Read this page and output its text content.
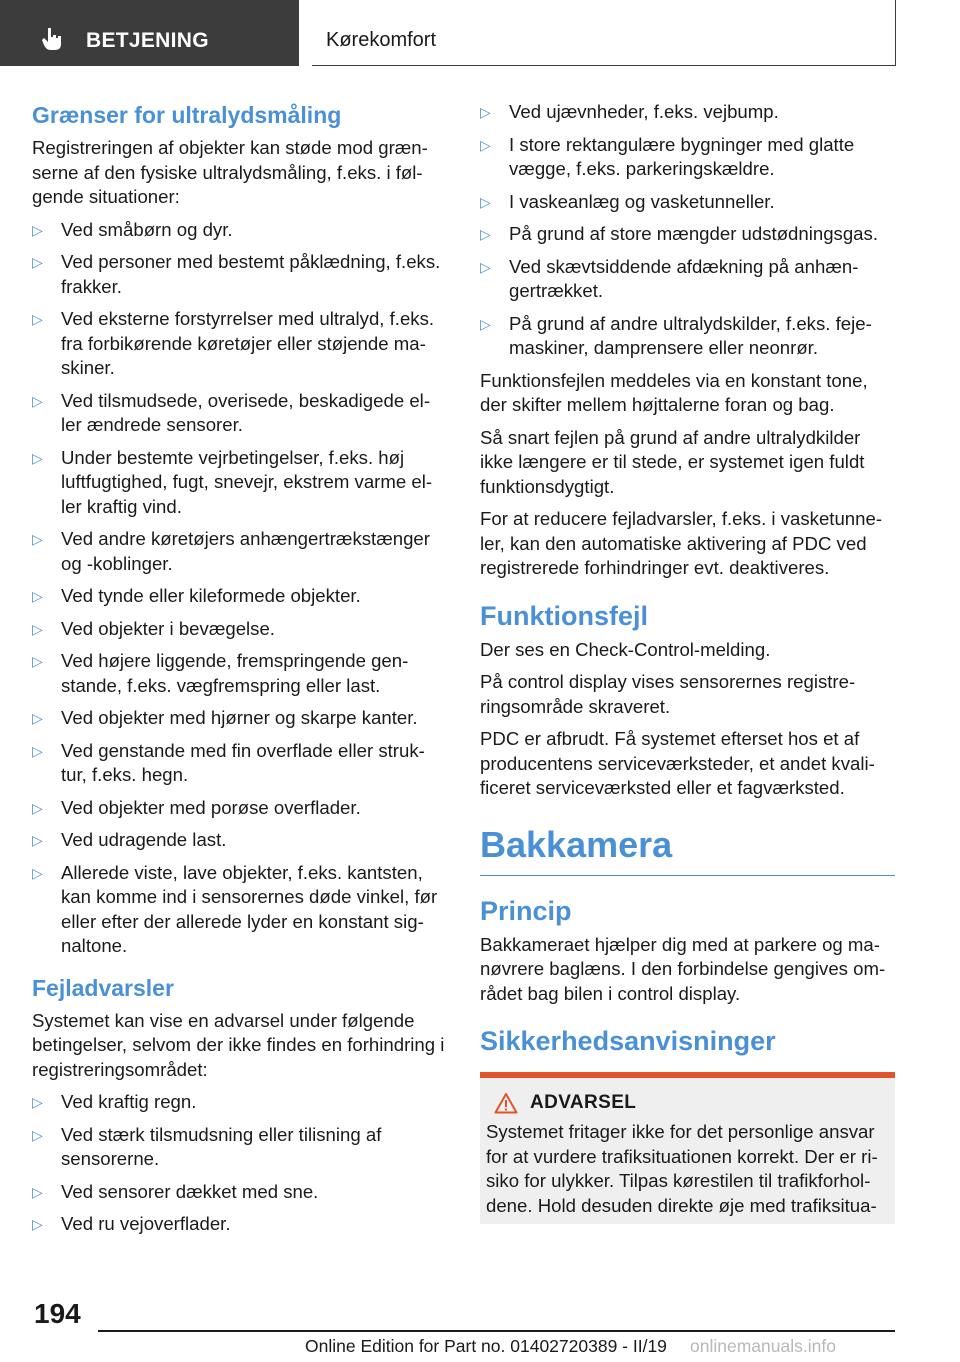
BETJENING	Kørekomfort
Grænser for ultralydsmåling
Registreringen af objekter kan støde mod græn-serne af den fysiske ultralydsmåling, f.eks. i føl-gende situationer:
▷ Ved småbørn og dyr.
▷ Ved personer med bestemt påklædning, f.eks. frakker.
▷ Ved eksterne forstyrrelser med ultralyd, f.eks. fra forbikørende køretøjer eller støjende ma-skiner.
▷ Ved tilsmudsede, overisede, beskadigede el-ler ændrede sensorer.
▷ Under bestemte vejrbetingelser, f.eks. høj luftfugtighed, fugt, snevejr, ekstrem varme el-ler kraftig vind.
▷ Ved andre køretøjers anhængertrækstænger og -koblinger.
▷ Ved tynde eller kileformede objekter.
▷ Ved objekter i bevægelse.
▷ Ved højere liggende, fremspringende gen-stande, f.eks. vægfremspring eller last.
▷ Ved objekter med hjørner og skarpe kanter.
▷ Ved genstande med fin overflade eller struk-tur, f.eks. hegn.
▷ Ved objekter med porøse overflader.
▷ Ved udragende last.
▷ Allerede viste, lave objekter, f.eks. kantsten, kan komme ind i sensorernes døde vinkel, før eller efter der allerede lyder en konstant sig-naltone.
Fejladvarsler
Systemet kan vise en advarsel under følgende betingelser, selvom der ikke findes en forhindring i registreringsområdet:
▷ Ved kraftig regn.
▷ Ved stærk tilsmudsning eller tilisning af sensorerne.
▷ Ved sensorer dækket med sne.
▷ Ved ru vejoverflader.
▷ Ved ujævnheder, f.eks. vejbump.
▷ I store rektangulære bygninger med glatte vægge, f.eks. parkeringskældre.
▷ I vaskeanlæg og vasketunneller.
▷ På grund af store mængder udstødningsgas.
▷ Ved skævtsiddende afdækning på anhæn-gertrækket.
▷ På grund af andre ultralydskilder, f.eks. feje-maskiner, damprensere eller neonrør.
Funktionsfejlen meddeles via en konstant tone, der skifter mellem højttalerne foran og bag.
Så snart fejlen på grund af andre ultralydkilder ikke længere er til stede, er systemet igen fuldt funktionsdygtigt.
For at reducere fejladvarsler, f.eks. i vasketunne-ler, kan den automatiske aktivering af PDC ved registrerede forhindringer evt. deaktiveres.
Funktionsfejl
Der ses en Check-Control-melding.
På control display vises sensorernes registre-ringsområde skraveret.
PDC er afbrudt. Få systemet efterset hos et af producentens serviceværksteder, et andet kvali-ficeret serviceværksted eller et fagværksted.
Bakkamera
Princip
Bakkameraet hjælper dig med at parkere og ma-nøvrere baglæns. I den forbindelse gengives om-rådet bag bilen i control display.
Sikkerhedsanvisninger
ADVARSEL
Systemet fritager ikke for det personlige ansvar for at vurdere trafiksituationen korrekt. Der er ri-siko for ulykker. Tilpas kørestilen til trafikforhol-dene. Hold desuden direkte øje med trafiksitua-
194
Online Edition for Part no. 01402720389 - II/19 onlinemanuals.info
